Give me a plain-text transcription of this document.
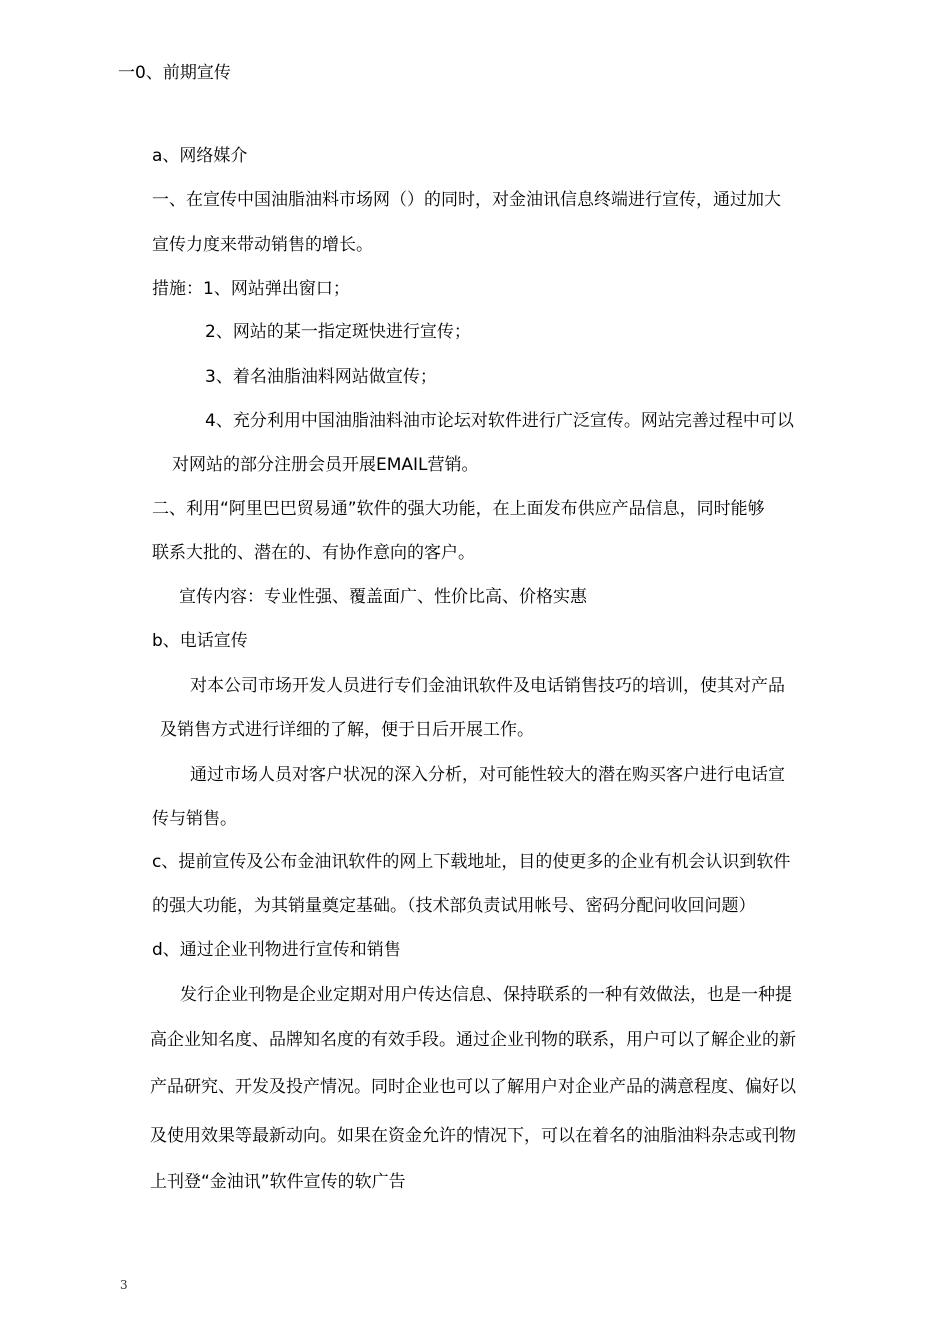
一0、前期宣传
a、网络媒介
一、在宣传中国油脂油料市场网（）的同时，对金油讯信息终端进行宣传，通过加大
宣传力度来带动销售的增长。
措施：1、网站弹出窗口；
2、网站的某一指定斑快进行宣传；
3、着名油脂油料网站做宣传；
4、充分利用中国油脂油料油市论坛对软件进行广泛宣传。网站完善过程中可以
对网站的部分注册会员开展EMAIL营销。
二、利用“阿里巴巴贸易通”软件的强大功能，在上面发布供应产品信息，同时能够
联系大批的、潜在的、有协作意向的客户。
宣传内容：专业性强、覆盖面广、性价比高、价格实惠
b、电话宣传
对本公司市场开发人员进行专们金油讯软件及电话销售技巧的培训，使其对产品
及销售方式进行详细的了解，便于日后开展工作。
通过市场人员对客户状况的深入分析，对可能性较大的潜在购买客户进行电话宣
传与销售。
c、提前宣传及公布金油讯软件的网上下载地址，目的使更多的企业有机会认识到软件
的强大功能，为其销量奠定基础。（技术部负责试用帐号、密码分配问收回问题）
d、通过企业刊物进行宣传和销售
发行企业刊物是企业定期对用户传达信息、保持联系的一种有效做法，也是一种提
高企业知名度、品牌知名度的有效手段。通过企业刊物的联系，用户可以了解企业的新
产品研究、开发及投产情况。同时企业也可以了解用户对企业产品的满意程度、偏好以
及使用效果等最新动向。如果在资金允许的情况下，可以在着名的油脂油料杂志或刊物
上刊登“金油讯”软件宣传的软广告
3
